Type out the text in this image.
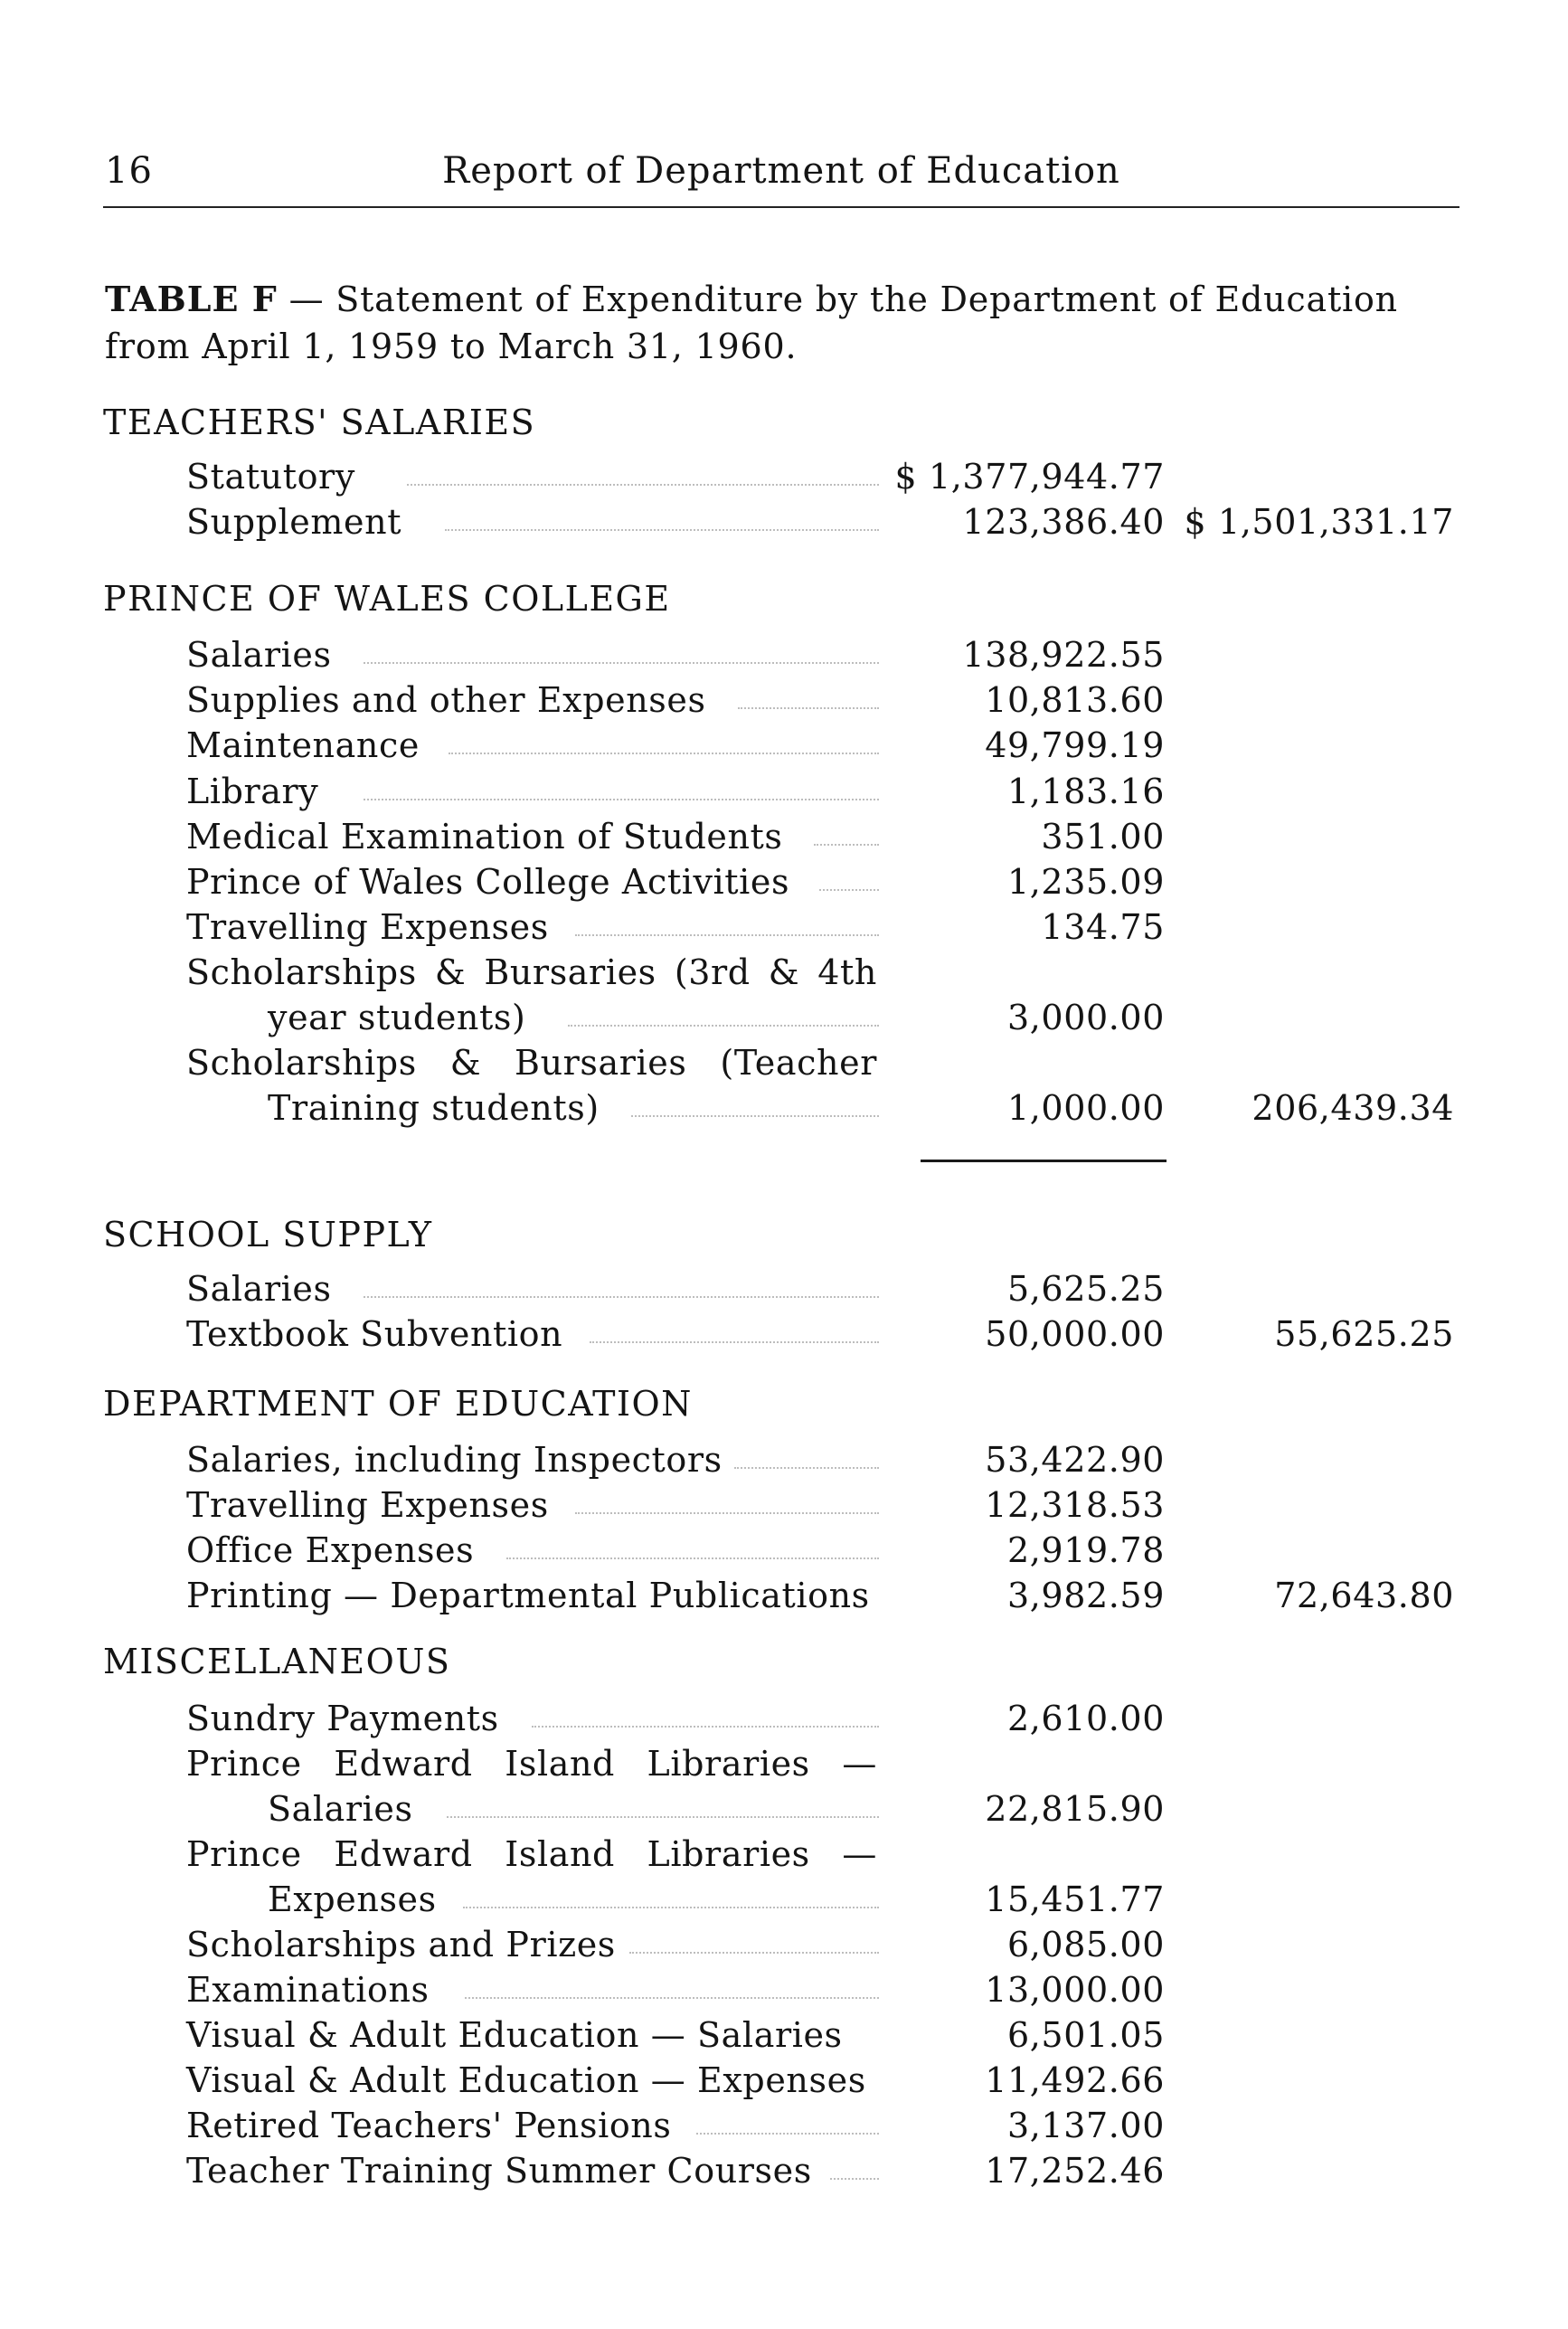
16	Report of Department of Education
TABLE F — Statement of Expenditure by the Department of Education from April 1, 1959 to March 31, 1960.
TEACHERS' SALARIES
Statutory	$ 1,377,944.77
Supplement	123,386.40 $ 1,501,331.17
PRINCE OF WALES COLLEGE
Salaries	138,922.55
Supplies and other Expenses	10,813.60
Maintenance	49,799.19
Library	1,183.16
Medical Examination of Students	351.00
Prince of Wales College Activities	1,235.09
Travelling Expenses	134.75
Scholarships & Bursaries (3rd & 4th
year students)	3,000.00
Scholarships & Bursaries (Teacher
Training students)	1,000.00	206,439.34
SCHOOL SUPPLY
Salaries	5,625.25
Textbook Subvention	50,000.00	55,625.25
DEPARTMENT OF EDUCATION
Salaries, including Inspectors	53,422.90
Travelling Expenses	12,318.53
Office Expenses	2,919.78
Printing — Departmental Publications	3,982.59	72,643.80
MISCELLANEOUS
Sundry Payments	2,610.00
Prince Edward Island Libraries —
Salaries	22,815.90
Prince Edward Island Libraries —
Expenses	15,451.77
Scholarships and Prizes	6,085.00
Examinations	13,000.00
Visual & Adult Education — Salaries	6,501.05
Visual & Adult Education — Expenses	11,492.66
Retired Teachers' Pensions	3,137.00
Teacher Training Summer Courses	17,252.46
